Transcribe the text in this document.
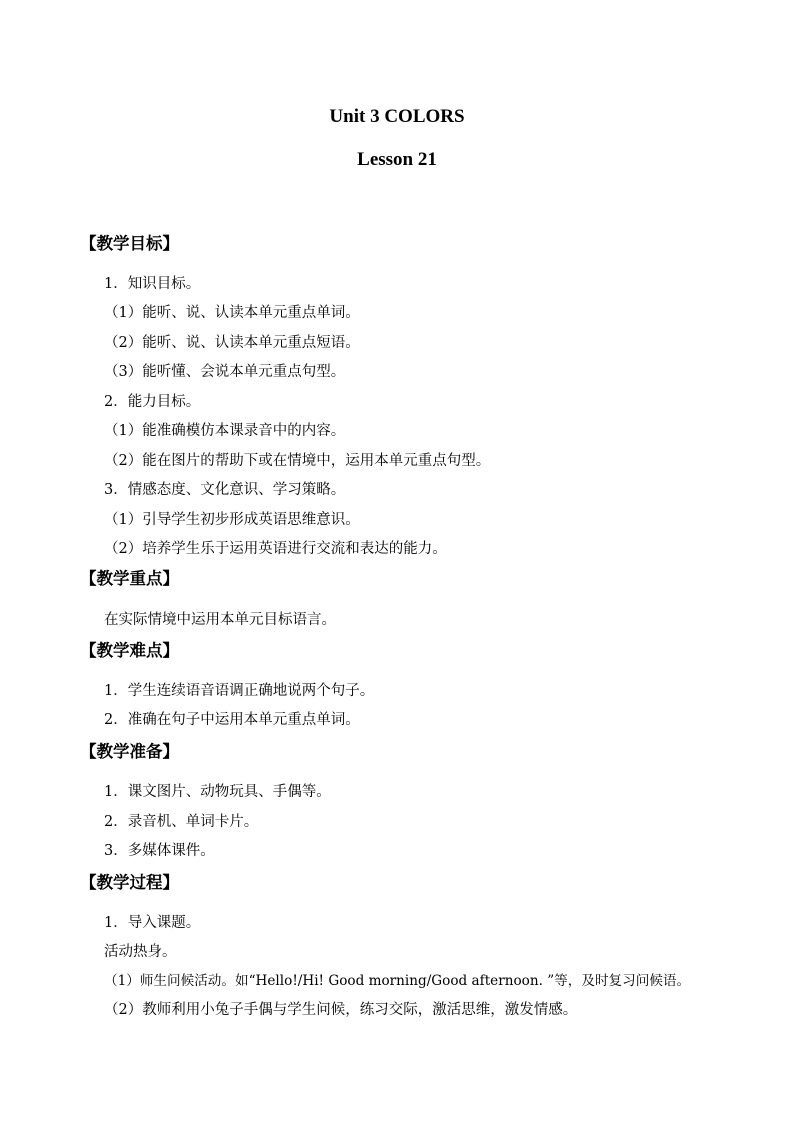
Unit 3 COLORS
Lesson 21
【教学目标】
1．知识目标。
（1）能听、说、认读本单元重点单词。
（2）能听、说、认读本单元重点短语。
（3）能听懂、会说本单元重点句型。
2．能力目标。
（1）能准确模仿本课录音中的内容。
（2）能在图片的帮助下或在情境中，运用本单元重点句型。
3．情感态度、文化意识、学习策略。
（1）引导学生初步形成英语思维意识。
（2）培养学生乐于运用英语进行交流和表达的能力。
【教学重点】
在实际情境中运用本单元目标语言。
【教学难点】
1．学生连续语音语调正确地说两个句子。
2．准确在句子中运用本单元重点单词。
【教学准备】
1．课文图片、动物玩具、手偶等。
2．录音机、单词卡片。
3．多媒体课件。
【教学过程】
1．导入课题。
活动热身。
（1）师生问候活动。如“Hello!/Hi! Good morning/Good afternoon. ”等，及时复习问候语。
（2）教师利用小兔子手偶与学生问候，练习交际，激活思维，激发情感。
